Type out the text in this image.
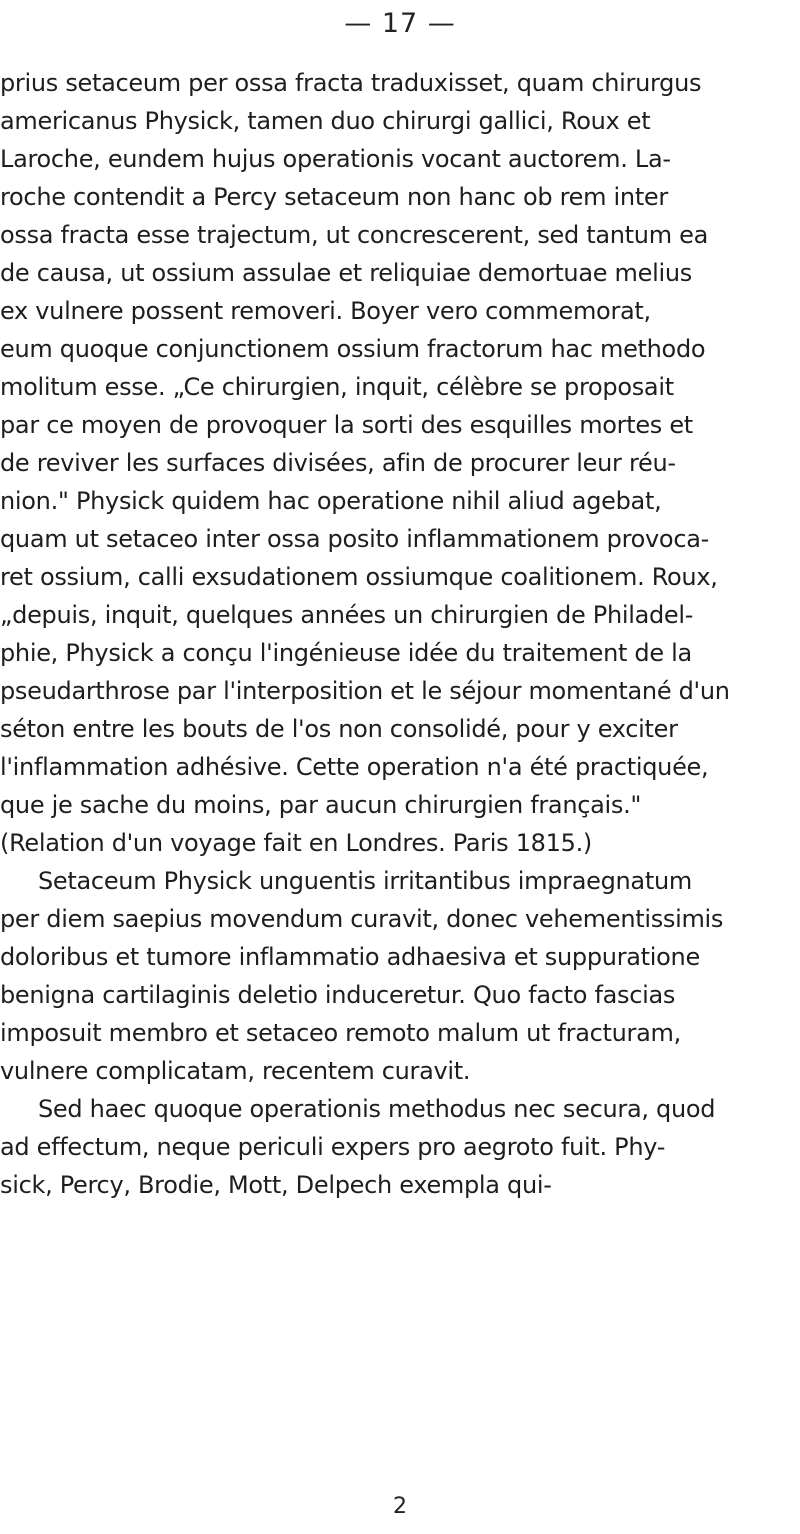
— 17 —
prius setaceum per ossa fracta traduxisset, quam chirurgus
americanus Physick, tamen duo chirurgi gallici, Roux et
Laroche, eundem hujus operationis vocant auctorem. La-
roche contendit a Percy setaceum non hanc ob rem inter
ossa fracta esse trajectum, ut concrescerent, sed tantum ea
de causa, ut ossium assulae et reliquiae demortuae melius
ex vulnere possent removeri. Boyer vero commemorat,
eum quoque conjunctionem ossium fractorum hac methodo
molitum esse. „Ce chirurgien, inquit, célèbre se proposait
par ce moyen de provoquer la sorti des esquilles mortes et
de reviver les surfaces divisées, afin de procurer leur réu-
nion." Physick quidem hac operatione nihil aliud agebat,
quam ut setaceo inter ossa posito inflammationem provoca-
ret ossium, calli exsudationem ossiumque coalitionem. Roux,
„depuis, inquit, quelques années un chirurgien de Philadel-
phie, Physick a conçu l'ingénieuse idée du traitement de la
pseudarthrose par l'interposition et le séjour momentané d'un
séton entre les bouts de l'os non consolidé, pour y exciter
l'inflammation adhésive. Cette operation n'a été practiquée,
que je sache du moins, par aucun chirurgien français."
(Relation d'un voyage fait en Londres. Paris 1815.)
Setaceum Physick unguentis irritantibus impraegnatum
per diem saepius movendum curavit, donec vehementissimis
doloribus et tumore inflammatio adhaesiva et suppuratione
benigna cartilaginis deletio induceretur. Quo facto fascias
imposuit membro et setaceo remoto malum ut fracturam,
vulnere complicatam, recentem curavit.
Sed haec quoque operationis methodus nec secura, quod
ad effectum, neque periculi expers pro aegroto fuit. Phy-
sick, Percy, Brodie, Mott, Delpech exempla qui-
2
